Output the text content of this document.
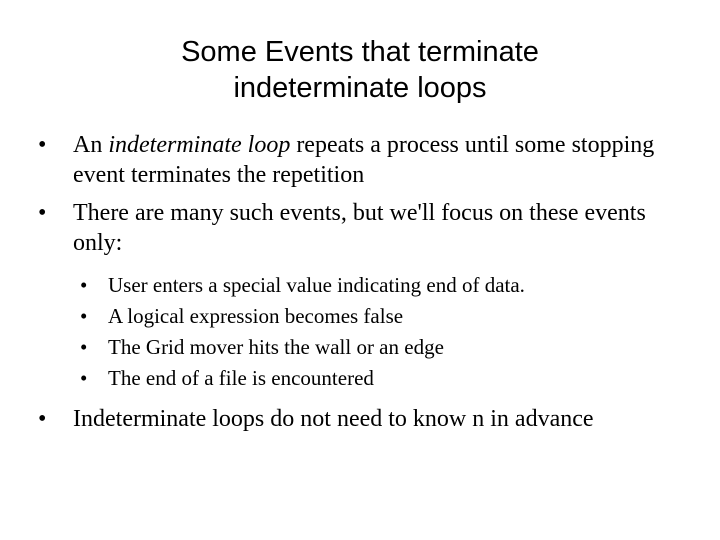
Some Events that terminate
indeterminate loops
• An indeterminate loop repeats a process until some stopping event terminates the repetition
• There are many such events, but we'll focus on these events only:
• User enters a special value indicating end of data.
• A logical expression becomes false
• The Grid mover hits the wall or an edge
• The end of a file is encountered
• Indeterminate loops do not need to know n in advance
